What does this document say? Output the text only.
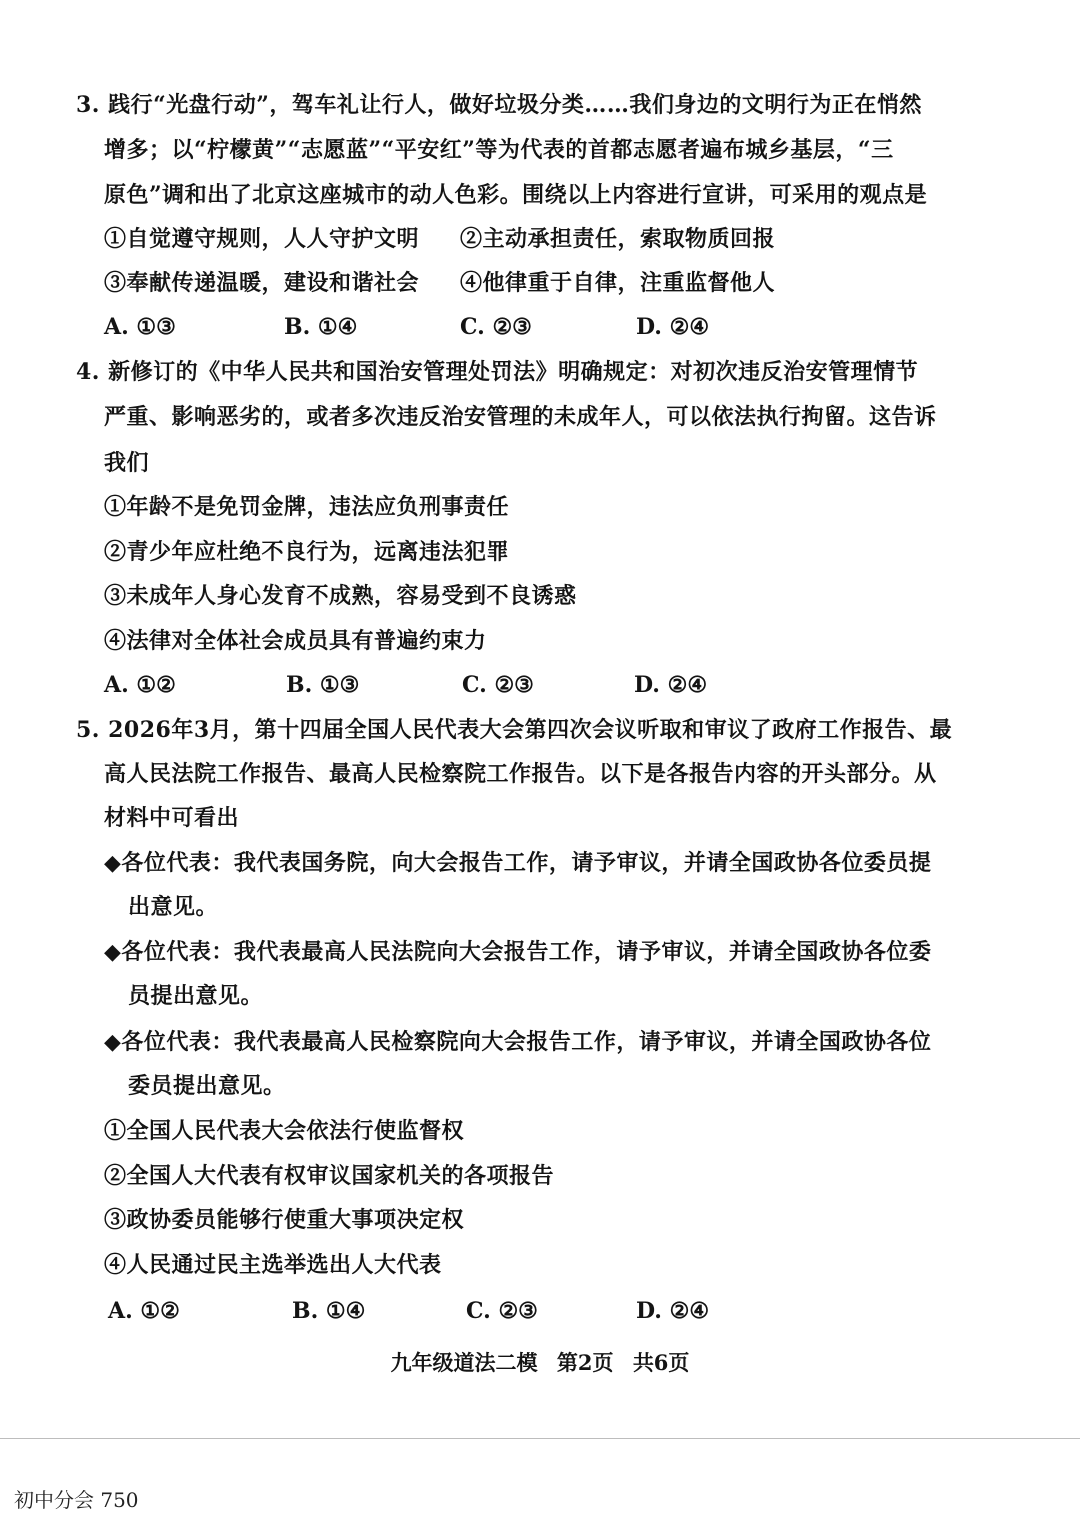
3. 践行“光盘行动”，驾车礼让行人，做好垃圾分类……我们身边的文明行为正在悄然
增多；以“柠檬黄”“志愿蓝”“平安红”等为代表的首都志愿者遍布城乡基层，“三
原色”调和出了北京这座城市的动人色彩。围绕以上内容进行宣讲，可采用的观点是
①自觉遵守规则，人人守护文明 ②主动承担责任，索取物质回报
③奉献传递温暖，建设和谐社会 ④他律重于自律，注重监督他人
A. ①③	B. ①④	C. ②③	D. ②④
4. 新修订的《中华人民共和国治安管理处罚法》明确规定：对初次违反治安管理情节
严重、影响恶劣的，或者多次违反治安管理的未成年人，可以依法执行拘留。这告诉
我们
①年龄不是免罚金牌，违法应负刑事责任
②青少年应杜绝不良行为，远离违法犯罪
③未成年人身心发育不成熟，容易受到不良诱惑
④法律对全体社会成员具有普遍约束力
A. ①②	B. ①③	C. ②③	D. ②④
5. 2026年3月，第十四届全国人民代表大会第四次会议听取和审议了政府工作报告、最
高人民法院工作报告、最高人民检察院工作报告。以下是各报告内容的开头部分。从
材料中可看出
◆各位代表：我代表国务院，向大会报告工作，请予审议，并请全国政协各位委员提
出意见。
◆各位代表：我代表最高人民法院向大会报告工作，请予审议，并请全国政协各位委
员提出意见。
◆各位代表：我代表最高人民检察院向大会报告工作，请予审议，并请全国政协各位
委员提出意见。
①全国人民代表大会依法行使监督权
②全国人大代表有权审议国家机关的各项报告
③政协委员能够行使重大事项决定权
④人民通过民主选举选出人大代表
A. ①②	B. ①④	C. ②③	D. ②④
九年级道法二模 第2页 共6页
初中分会 750
